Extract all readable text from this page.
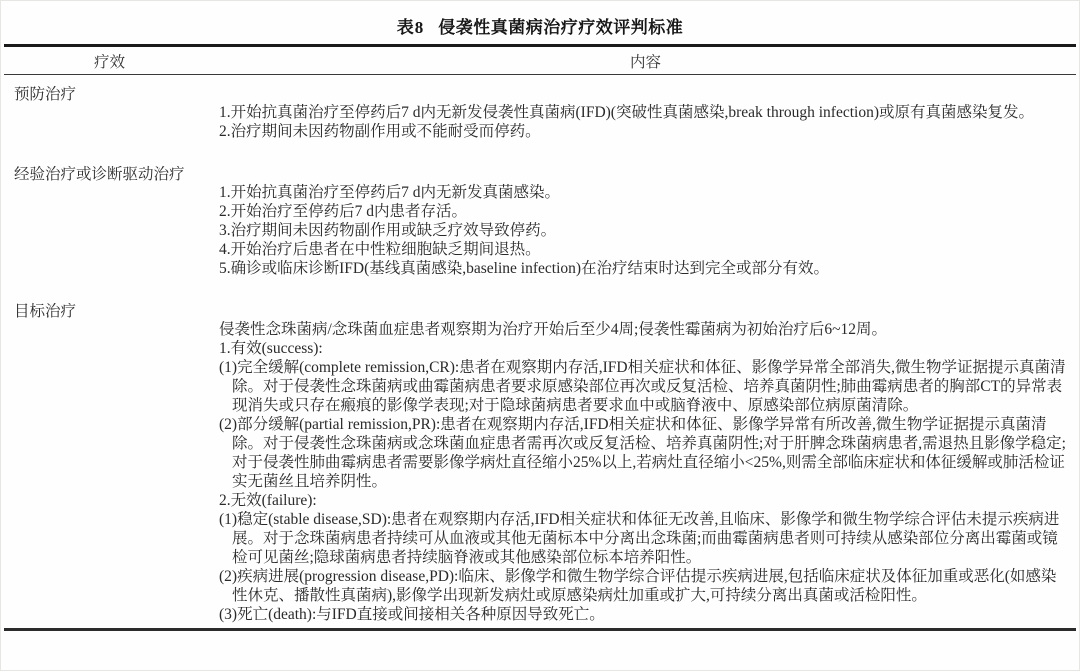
表8 侵袭性真菌病治疗疗效评判标准
疗效	内容
预防治疗
1.开始抗真菌治疗至停药后7 d内无新发侵袭性真菌病(IFD)(突破性真菌感染,break through infection)或原有真菌感染复发。
2.治疗期间未因药物副作用或不能耐受而停药。
经验治疗或诊断驱动治疗
1.开始抗真菌治疗至停药后7 d内无新发真菌感染。
2.开始治疗至停药后7 d内患者存活。
3.治疗期间未因药物副作用或缺乏疗效导致停药。
4.开始治疗后患者在中性粒细胞缺乏期间退热。
5.确诊或临床诊断IFD(基线真菌感染,baseline infection)在治疗结束时达到完全或部分有效。
目标治疗
侵袭性念珠菌病/念珠菌血症患者观察期为治疗开始后至少4周;侵袭性霉菌病为初始治疗后6~12周。
1.有效(success):
(1)完全缓解(complete remission,CR):患者在观察期内存活,IFD相关症状和体征、影像学异常全部消失,微生物学证据提示真菌清除。对于侵袭性念珠菌病或曲霉菌病患者要求原感染部位再次或反复活检、培养真菌阴性;肺曲霉病患者的胸部CT的异常表现消失或只存在瘢痕的影像学表现;对于隐球菌病患者要求血中或脑脊液中、原感染部位病原菌清除。
(2)部分缓解(partial remission,PR):患者在观察期内存活,IFD相关症状和体征、影像学异常有所改善,微生物学证据提示真菌清除。对于侵袭性念珠菌病或念珠菌血症患者需再次或反复活检、培养真菌阴性;对于肝脾念珠菌病患者,需退热且影像学稳定;对于侵袭性肺曲霉病患者需要影像学病灶直径缩小25%以上,若病灶直径缩小<25%,则需全部临床症状和体征缓解或肺活检证实无菌丝且培养阴性。
2.无效(failure):
(1)稳定(stable disease,SD):患者在观察期内存活,IFD相关症状和体征无改善,且临床、影像学和微生物学综合评估未提示疾病进展。对于念珠菌病患者持续可从血液或其他无菌标本中分离出念珠菌;而曲霉菌病患者则可持续从感染部位分离出霉菌或镜检可见菌丝;隐球菌病患者持续脑脊液或其他感染部位标本培养阳性。
(2)疾病进展(progression disease,PD):临床、影像学和微生物学综合评估提示疾病进展,包括临床症状及体征加重或恶化(如感染性休克、播散性真菌病),影像学出现新发病灶或原感染病灶加重或扩大,可持续分离出真菌或活检阳性。
(3)死亡(death):与IFD直接或间接相关各种原因导致死亡。
